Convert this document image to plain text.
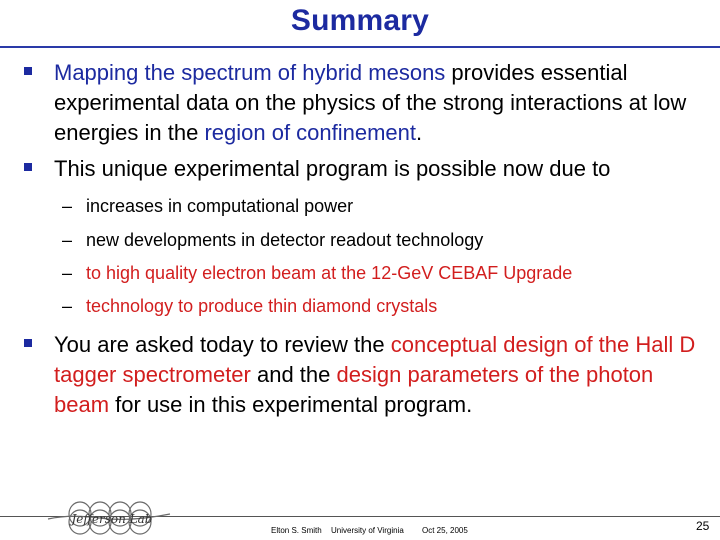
Summary
Mapping the spectrum of hybrid mesons provides essential experimental data on the physics of the strong interactions at low energies in the region of confinement.
This unique experimental program is possible now due to
– increases in computational power
– new developments in detector readout technology
– to high quality electron beam at the 12-GeV CEBAF Upgrade
– technology to produce thin diamond crystals
You are asked today to review the conceptual design of the Hall D tagger spectrometer and the design parameters of the photon beam for use in this experimental program.
Jefferson Lab
Elton S. Smith University of Virginia Oct 25, 2005	25
